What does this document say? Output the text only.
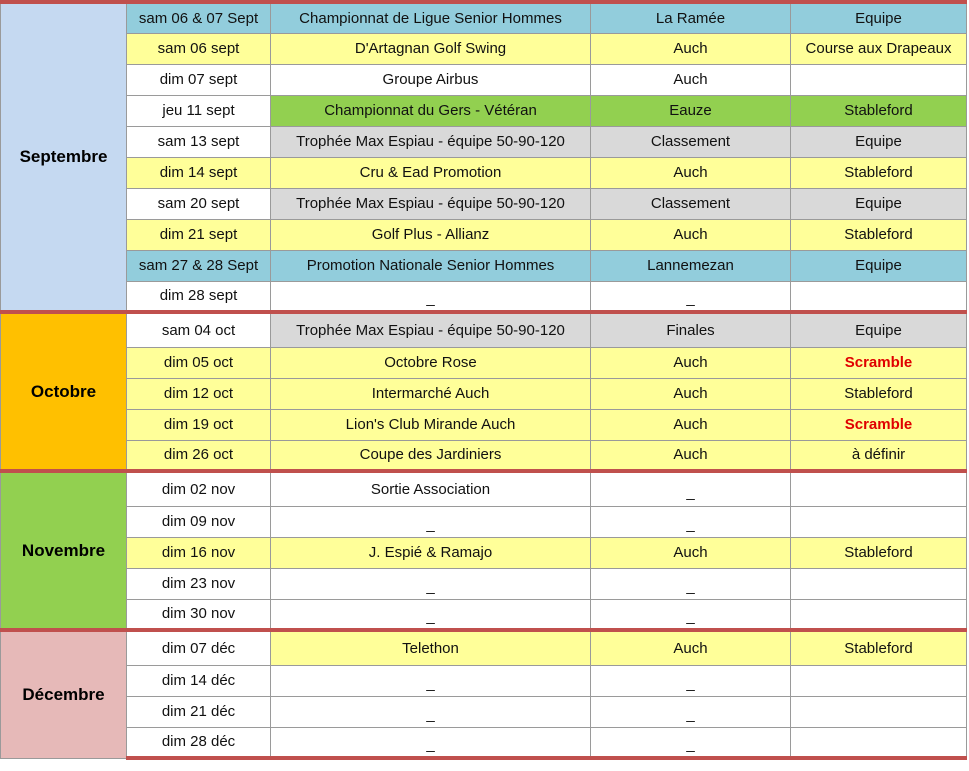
Septembre	sam 06 & 07 Sept	Championnat de Ligue Senior Hommes	La Ramée	Equipe
	sam 06 sept	D'Artagnan Golf Swing	Auch	Course aux Drapeaux
	dim 07 sept	Groupe Airbus	Auch	
	jeu 11 sept	Championnat du Gers - Vétéran	Eauze	Stableford
	sam 13 sept	Trophée Max Espiau - équipe 50-90-120	Classement	Equipe
	dim 14 sept	Cru & Ead Promotion	Auch	Stableford
	sam 20 sept	Trophée Max Espiau - équipe 50-90-120	Classement	Equipe
	dim 21 sept	Golf Plus - Allianz	Auch	Stableford
	sam 27 & 28 Sept	Promotion Nationale Senior Hommes	Lannemezan	Equipe
	dim 28 sept	_	_	
Octobre	sam 04 oct	Trophée Max Espiau - équipe 50-90-120	Finales	Equipe
	dim 05 oct	Octobre Rose	Auch	Scramble
	dim 12 oct	Intermarché Auch	Auch	Stableford
	dim 19 oct	Lion's Club Mirande Auch	Auch	Scramble
	dim 26 oct	Coupe des Jardiniers	Auch	à définir
Novembre	dim 02 nov	Sortie Association	_	
	dim 09 nov	_	_	
	dim 16 nov	J. Espié & Ramajo	Auch	Stableford
	dim 23 nov	_	_	
	dim 30 nov	_	_	
Décembre	dim 07 déc	Telethon	Auch	Stableford
	dim 14 déc	_	_	
	dim 21 déc	_	_	
	dim 28 déc	_	_	
